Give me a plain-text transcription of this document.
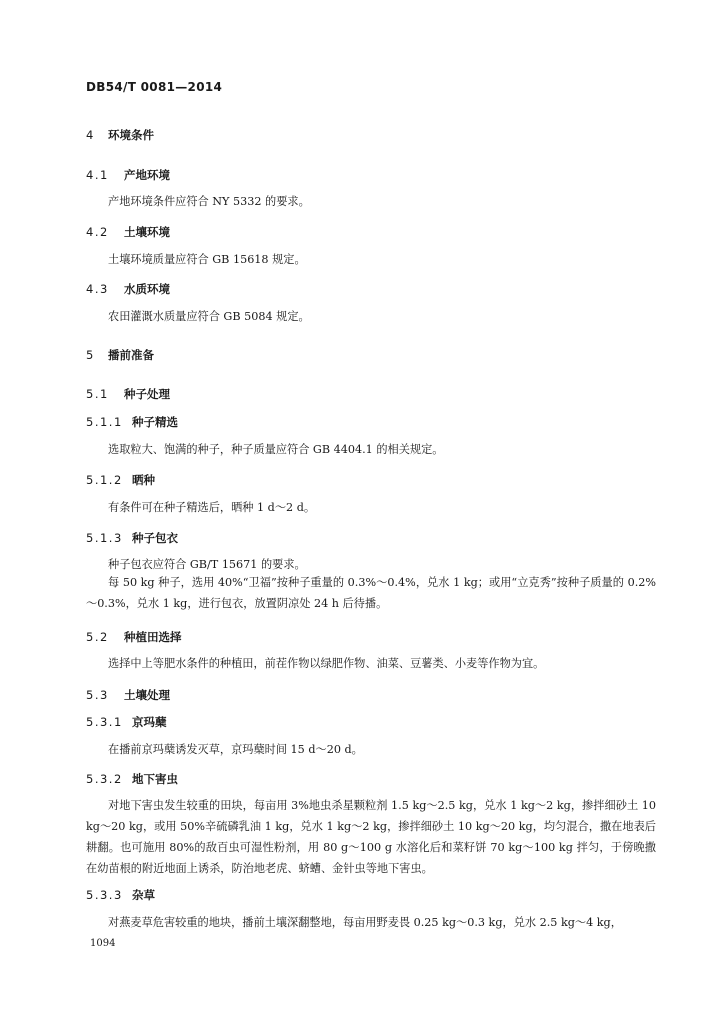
DB54/T 0081—2014
4 环境条件
4.1 产地环境
产地环境条件应符合 NY 5332 的要求。
4.2 土壤环境
土壤环境质量应符合 GB 15618 规定。
4.3 水质环境
农田灌溉水质量应符合 GB 5084 规定。
5 播前准备
5.1 种子处理
5.1.1 种子精选
选取粒大、饱满的种子，种子质量应符合 GB 4404.1 的相关规定。
5.1.2 晒种
有条件可在种子精选后，晒种 1 d～2 d。
5.1.3 种子包衣
种子包衣应符合 GB/T 15671 的要求。
每 50 kg 种子，选用 40%“卫福”按种子重量的 0.3%～0.4%，兑水 1 kg；或用“立克秀”按种子质量的 0.2%～0.3%，兑水 1 kg，进行包衣，放置阴凉处 24 h 后待播。
5.2 种植田选择
选择中上等肥水条件的种植田，前茬作物以绿肥作物、油菜、豆薯类、小麦等作物为宜。
5.3 土壤处理
5.3.1 京玛蘖
在播前京玛蘖诱发灭草，京玛蘖时间 15 d～20 d。
5.3.2 地下害虫
对地下害虫发生较重的田块，每亩用 3%地虫杀星颗粒剂 1.5 kg～2.5 kg，兑水 1 kg～2 kg，掺拌细砂土 10 kg～20 kg，或用 50%辛硫磷乳油 1 kg，兑水 1 kg～2 kg，掺拌细砂土 10 kg～20 kg，均匀混合，撒在地表后耕翻。也可施用 80%的敌百虫可湿性粉剂，用 80 g～100 g 水溶化后和菜籽饼 70 kg～100 kg 拌匀，于傍晚撒在幼苗根的附近地面上诱杀，防治地老虎、蛴螬、金针虫等地下害虫。
5.3.3 杂草
对燕麦草危害较重的地块，播前土壤深翻整地，每亩用野麦畏 0.25 kg～0.3 kg，兑水 2.5 kg～4 kg，
1094
